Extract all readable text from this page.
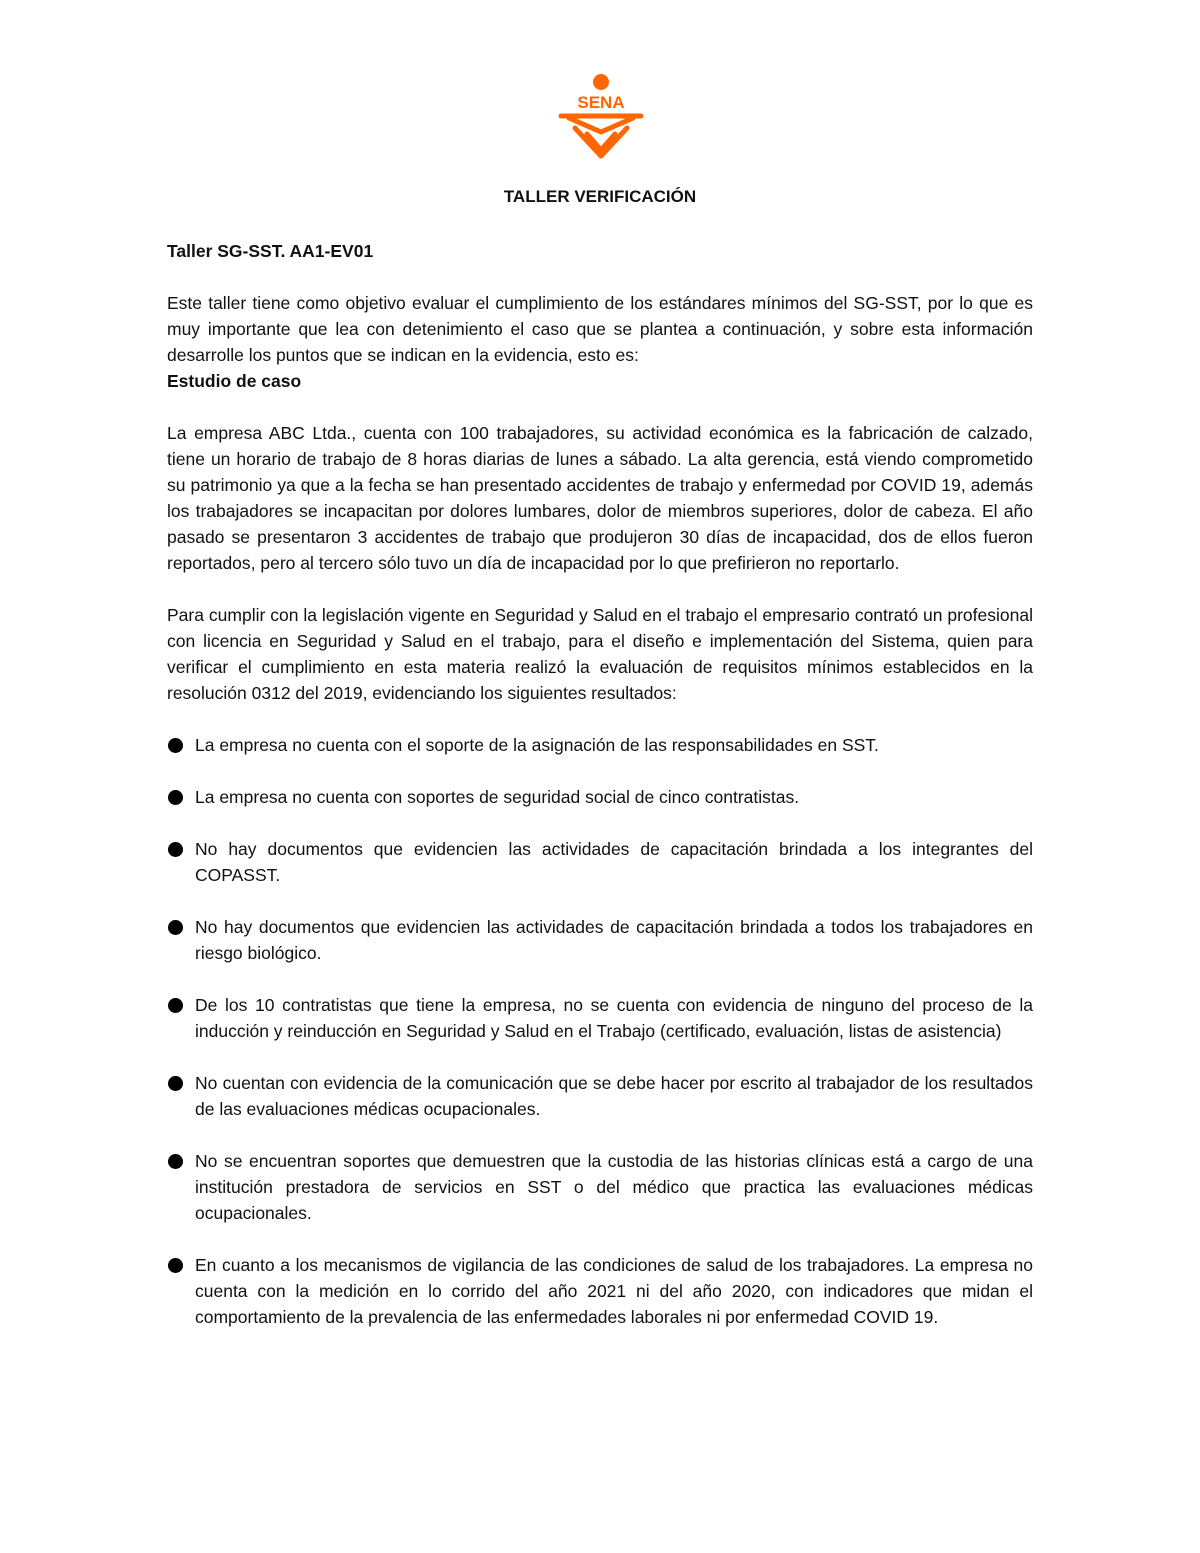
SENA

TALLER VERIFICACIÓN

Taller SG-SST. AA1-EV01

Este taller tiene como objetivo evaluar el cumplimiento de los estándares mínimos del SG-SST, por lo que es muy importante que lea con detenimiento el caso que se plantea a continuación, y sobre esta información desarrolle los puntos que se indican en la evidencia, esto es:

Estudio de caso

La empresa ABC Ltda., cuenta con 100 trabajadores, su actividad económica es la fabricación de calzado, tiene un horario de trabajo de 8 horas diarias de lunes a sábado. La alta gerencia, está viendo comprometido su patrimonio ya que a la fecha se han presentado accidentes de trabajo y enfermedad por COVID 19, además los trabajadores se incapacitan por dolores lumbares, dolor de miembros superiores, dolor de cabeza. El año pasado se presentaron 3 accidentes de trabajo que produjeron 30 días de incapacidad, dos de ellos fueron reportados, pero al tercero sólo tuvo un día de incapacidad por lo que prefirieron no reportarlo.

Para cumplir con la legislación vigente en Seguridad y Salud en el trabajo el empresario contrató un profesional con licencia en Seguridad y Salud en el trabajo, para el diseño e implementación del Sistema, quien para verificar el cumplimiento en esta materia realizó la evaluación de requisitos mínimos establecidos en la resolución 0312 del 2019, evidenciando los siguientes resultados:

La empresa no cuenta con el soporte de la asignación de las responsabilidades en SST.
La empresa no cuenta con soportes de seguridad social de cinco contratistas.
No hay documentos que evidencien las actividades de capacitación brindada a los integrantes del COPASST.
No hay documentos que evidencien las actividades de capacitación brindada a todos los trabajadores en riesgo biológico.
De los 10 contratistas que tiene la empresa, no se cuenta con evidencia de ninguno del proceso de la inducción y reinducción en Seguridad y Salud en el Trabajo (certificado, evaluación, listas de asistencia)
No cuentan con evidencia de la comunicación que se debe hacer por escrito al trabajador de los resultados de las evaluaciones médicas ocupacionales.
No se encuentran soportes que demuestren que la custodia de las historias clínicas está a cargo de una institución prestadora de servicios en SST o del médico que practica las evaluaciones médicas ocupacionales.
En cuanto a los mecanismos de vigilancia de las condiciones de salud de los trabajadores. La empresa no cuenta con la medición en lo corrido del año 2021 ni del año 2020, con indicadores que midan el comportamiento de la prevalencia de las enfermedades laborales ni por enfermedad COVID 19.
